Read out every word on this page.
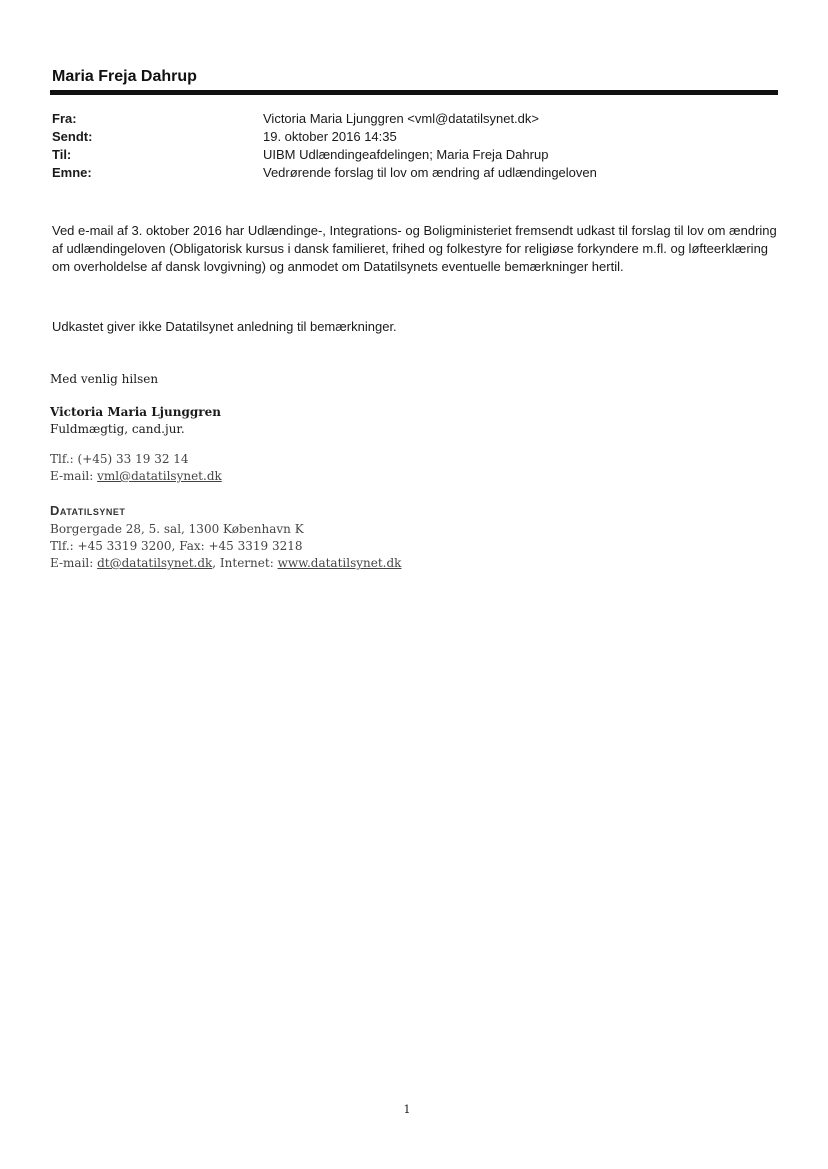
Maria Freja Dahrup
Fra:	Victoria Maria Ljunggren <vml@datatilsynet.dk>
Sendt:	19. oktober 2016 14:35
Til:	UIBM Udlændingeafdelingen; Maria Freja Dahrup
Emne:	Vedrørende forslag til lov om ændring af udlændingeloven
Ved e-mail af 3. oktober 2016 har Udlændinge-, Integrations- og Boligministeriet fremsendt udkast til forslag til lov om ændring af udlændingeloven (Obligatorisk kursus i dansk familieret, frihed og folkestyre for religiøse forkyndere m.fl. og løfteerklæring om overholdelse af dansk lovgivning) og anmodet om Datatilsynets eventuelle bemærkninger hertil.
Udkastet giver ikke Datatilsynet anledning til bemærkninger.
Med venlig hilsen
Victoria Maria Ljunggren
Fuldmægtig, cand.jur.
Tlf.: (+45) 33 19 32 14
E-mail: vml@datatilsynet.dk
Datatilsynet
Borgergade 28, 5. sal, 1300 København K
Tlf.: +45 3319 3200, Fax: +45 3319 3218
E-mail: dt@datatilsynet.dk, Internet: www.datatilsynet.dk
1
